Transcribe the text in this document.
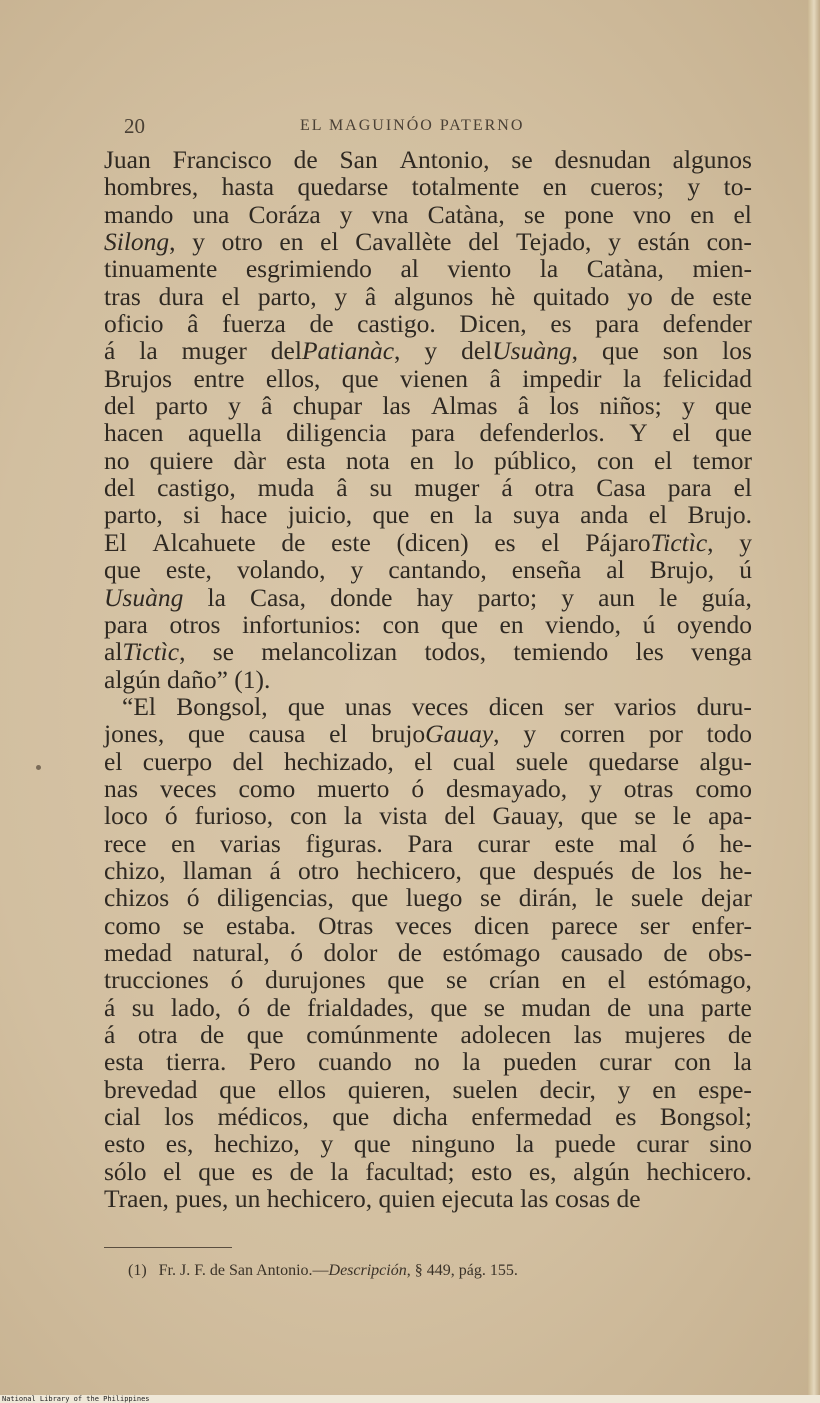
20	EL MAGUINÓO PATERNO
Juan Francisco de San Antonio, se desnudan algunos
hombres, hasta quedarse totalmente en cueros; y to-
mando una Coráza y vna Catàna, se pone vno en el
Silong, y otro en el Cavallète del Tejado, y están con-
tinuamente esgrimiendo al viento la Catàna, mien-
tras dura el parto, y â algunos hè quitado yo de este
oficio â fuerza de castigo. Dicen, es para defender
á la muger delPatianàc, y delUsuàng, que son los
Brujos entre ellos, que vienen â impedir la felicidad
del parto y â chupar las Almas â los niños; y que
hacen aquella diligencia para defenderlos. Y el que
no quiere dàr esta nota en lo público, con el temor
del castigo, muda â su muger á otra Casa para el
parto, si hace juicio, que en la suya anda el Brujo.
El Alcahuete de este (dicen) es el PájaroTictìc, y
que este, volando, y cantando, enseña al Brujo, ú
Usuàng la Casa, donde hay parto; y aun le guía,
para otros infortunios: con que en viendo, ú oyendo
alTictìc, se melancolizan todos, temiendo les venga
algún
daño”
(1).

“El Bongsol, que unas veces dicen ser varios duru-
jones, que causa el brujoGauay, y corren por todo
el cuerpo del hechizado, el cual suele quedarse algu-
nas veces como muerto ó desmayado, y otras como
loco ó furioso, con la vista del Gauay, que se le apa-
rece en varias figuras. Para curar este mal ó he-
chizo, llaman á otro hechicero, que después de los he-
chizos ó diligencias, que luego se dirán, le suele dejar
como se estaba. Otras veces dicen parece ser enfer-
medad natural, ó dolor de estómago causado de obs-
trucciones ó durujones que se crían en el estómago,
á su lado, ó de frialdades, que se mudan de una parte
á otra de que comúnmente adolecen las mujeres de
esta tierra. Pero cuando no la pueden curar con la
brevedad que ellos quieren, suelen decir, y en espe-
cial los médicos, que dicha enfermedad es Bongsol;
esto es, hechizo, y que ninguno la puede curar sino
sólo el que es de la facultad; esto es, algún hechicero.
Traen,
pues,
un
hechicero,
quien
ejecuta
las
cosas
de

(1) Fr. J. F. de San Antonio.—Descripción, § 449, pág. 155.
National Library of the Philippines
